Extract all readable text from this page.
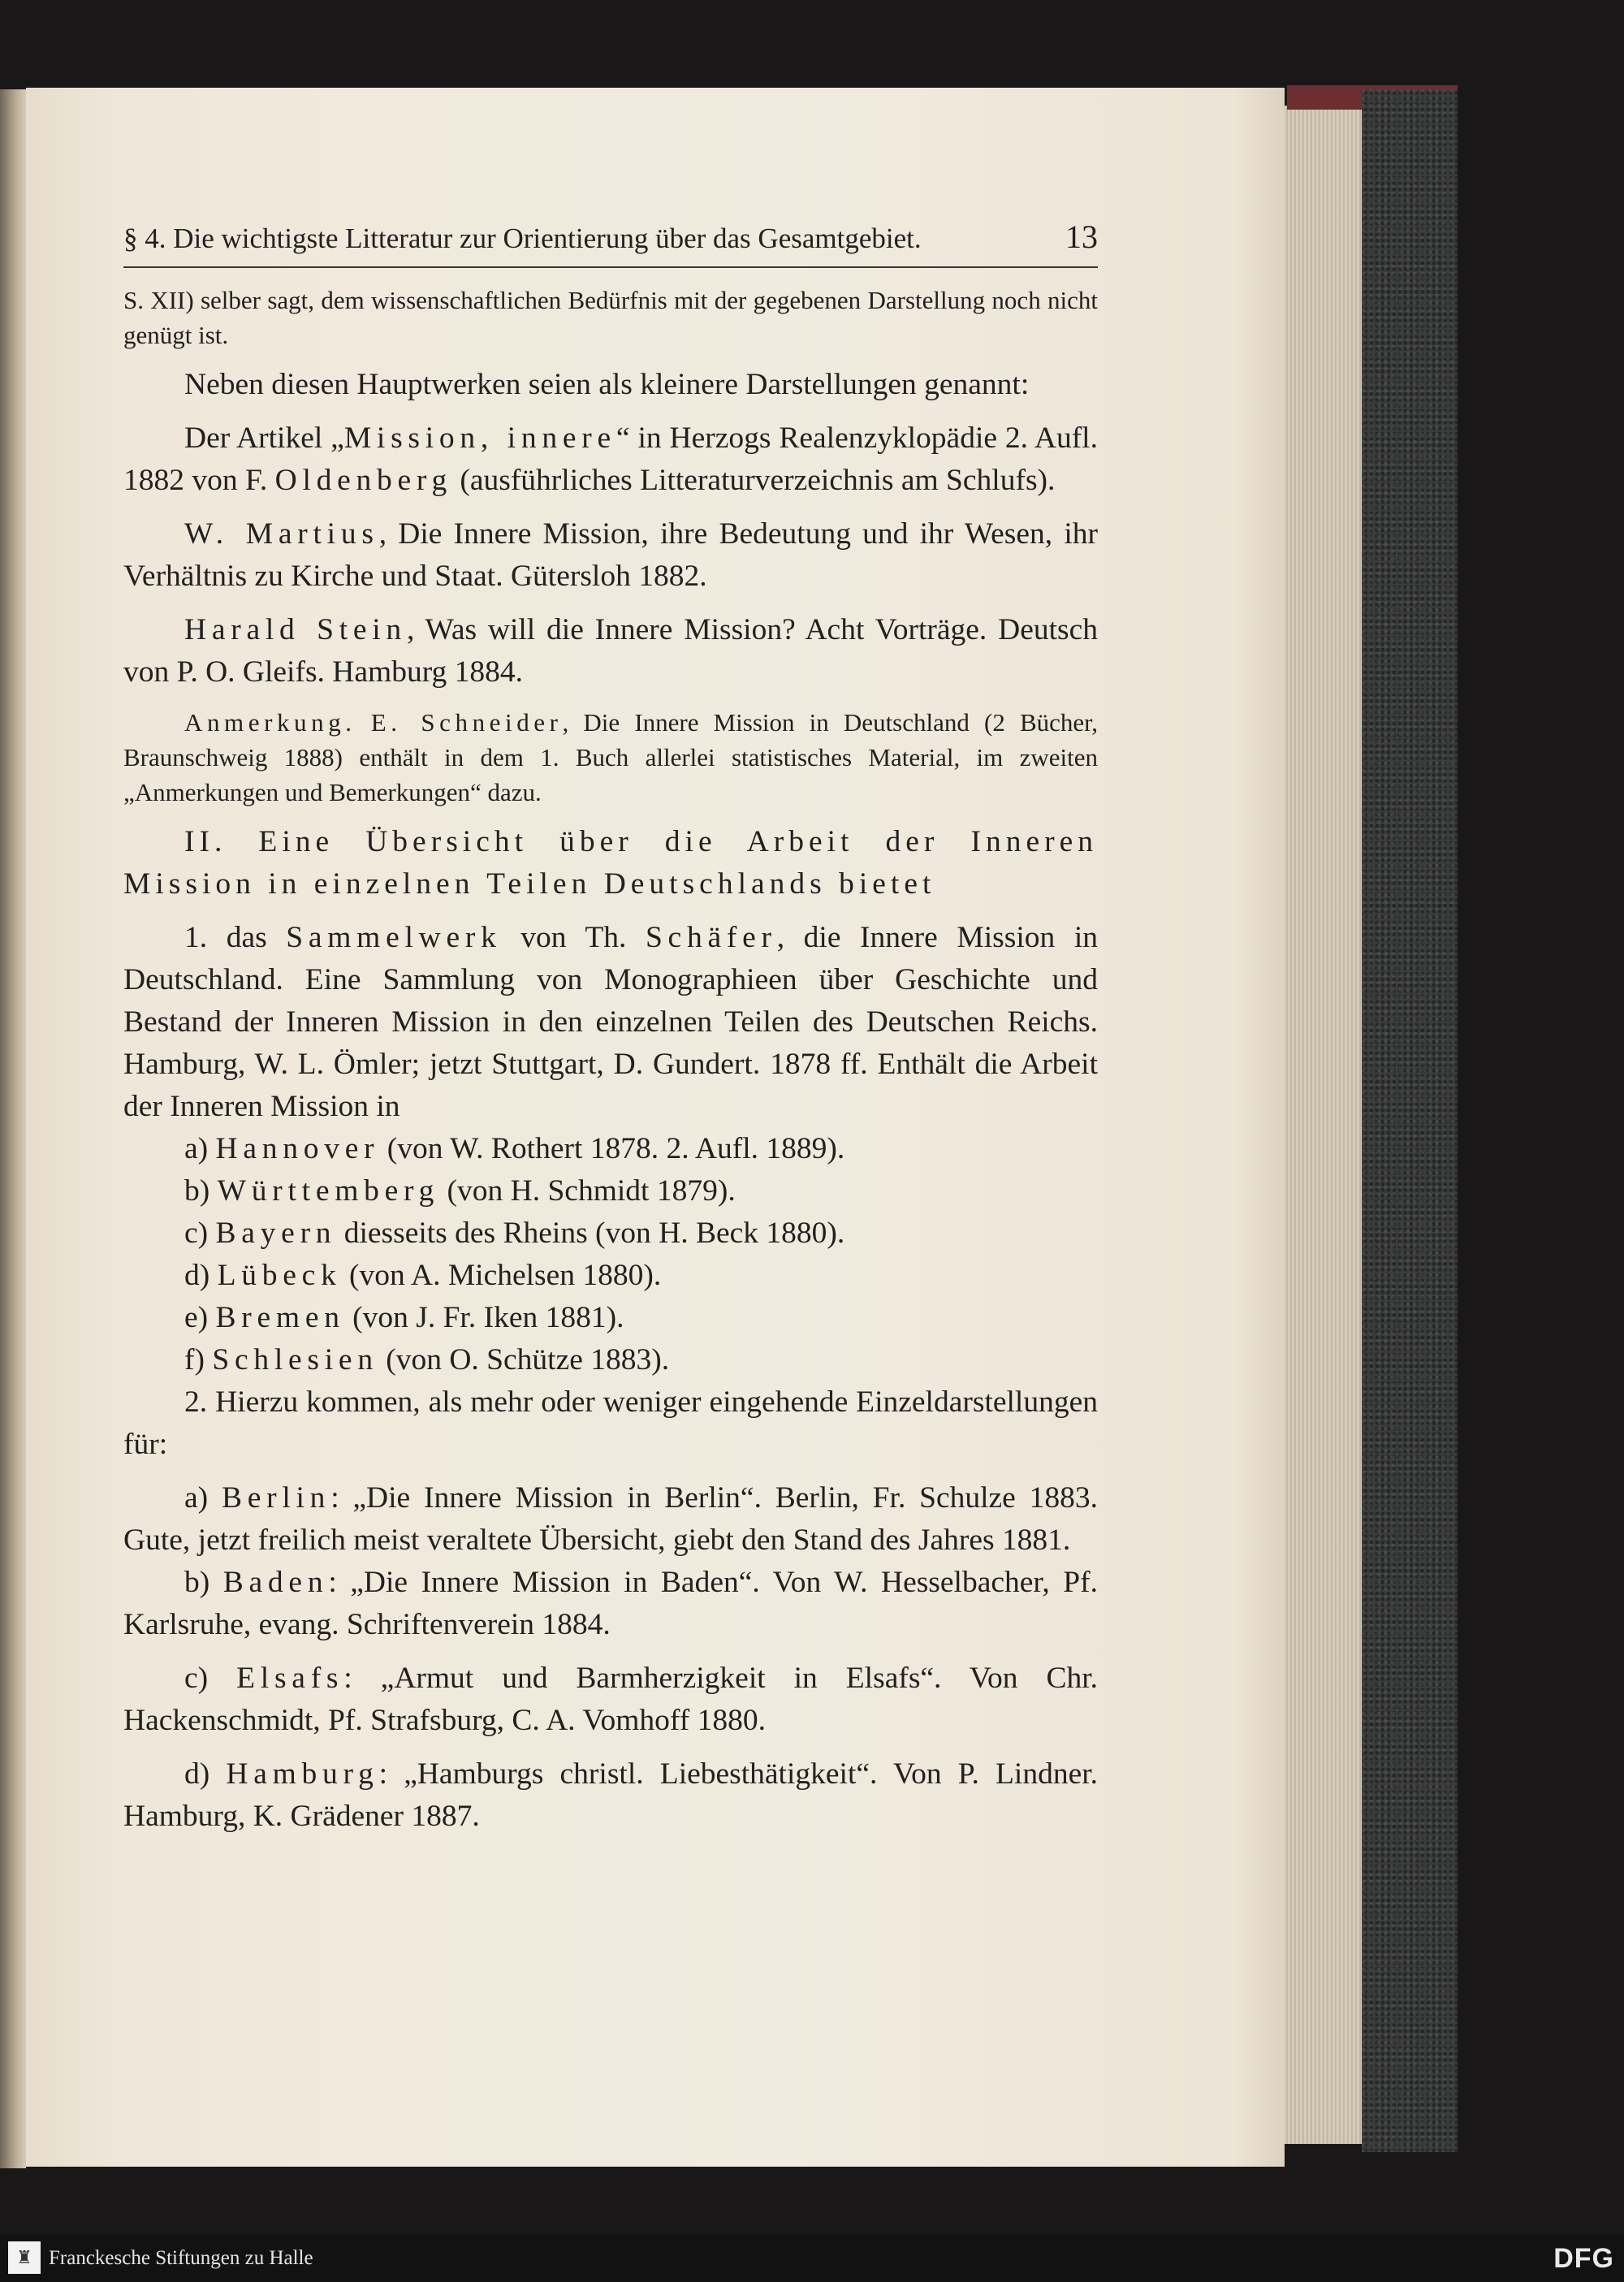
§ 4. Die wichtigste Litteratur zur Orientierung über das Gesamtgebiet.	13

S. XII) selber sagt, dem wissenschaftlichen Bedürfnis mit der gegebenen Darstellung noch nicht genügt ist.

Neben diesen Hauptwerken seien als kleinere Darstellungen genannt:

Der Artikel „Mission, innere“ in Herzogs Realenzyklopädie 2. Aufl. 1882 von F. Oldenberg (ausführliches Litteraturverzeichnis am Schlufs).

W. Martius, Die Innere Mission, ihre Bedeutung und ihr Wesen, ihr Verhältnis zu Kirche und Staat. Gütersloh 1882.

Harald Stein, Was will die Innere Mission? Acht Vorträge. Deutsch von P. O. Gleifs. Hamburg 1884.

Anmerkung. E. Schneider, Die Innere Mission in Deutschland (2 Bücher, Braunschweig 1888) enthält in dem 1. Buch allerlei statistisches Material, im zweiten „Anmerkungen und Bemerkungen“ dazu.

II. Eine Übersicht über die Arbeit der Inneren Mission in einzelnen Teilen Deutschlands bietet

1. das Sammelwerk von Th. Schäfer, die Innere Mission in Deutschland. Eine Sammlung von Monographieen über Geschichte und Bestand der Inneren Mission in den einzelnen Teilen des Deutschen Reichs. Hamburg, W. L. Ömler; jetzt Stuttgart, D. Gundert. 1878 ff. Enthält die Arbeit der Inneren Mission in

a) Hannover (von W. Rothert 1878. 2. Aufl. 1889).

b) Württemberg (von H. Schmidt 1879).

c) Bayern diesseits des Rheins (von H. Beck 1880).

d) Lübeck (von A. Michelsen 1880).

e) Bremen (von J. Fr. Iken 1881).

f) Schlesien (von O. Schütze 1883).

2. Hierzu kommen, als mehr oder weniger eingehende Einzeldarstellungen für:

a) Berlin: „Die Innere Mission in Berlin“. Berlin, Fr. Schulze 1883. Gute, jetzt freilich meist veraltete Übersicht, giebt den Stand des Jahres 1881.

b) Baden: „Die Innere Mission in Baden“. Von W. Hesselbacher, Pf. Karlsruhe, evang. Schriftenverein 1884.

c) Elsafs: „Armut und Barmherzigkeit in Elsafs“. Von Chr. Hackenschmidt, Pf. Strafsburg, C. A. Vomhoff 1880.

d) Hamburg: „Hamburgs christl. Liebesthätigkeit“. Von P. Lindner. Hamburg, K. Grädener 1887.

♜ Franckesche Stiftungen zu Halle	DFG
